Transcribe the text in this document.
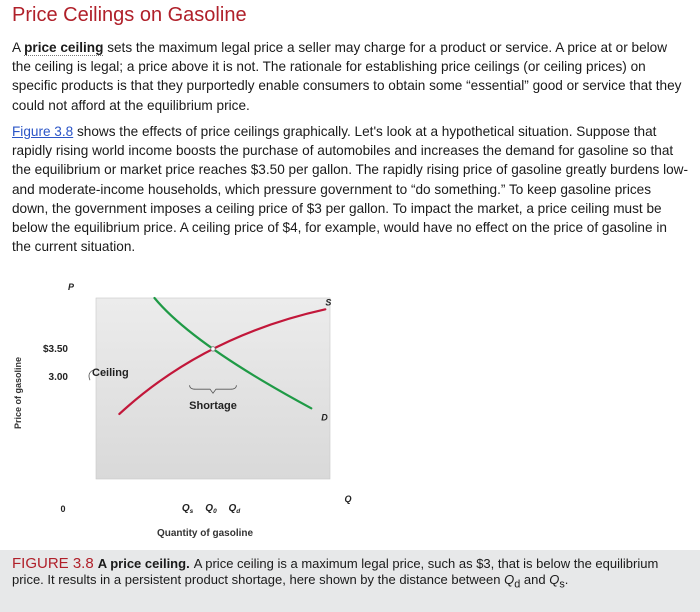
Price Ceilings on Gasoline

A price ceiling sets the maximum legal price a seller may charge for a product or service. A price at or below the ceiling is legal; a price above it is not. The rationale for establishing price ceilings (or ceiling prices) on specific products is that they purportedly enable consumers to obtain some “essential” good or service that they could not afford at the equilibrium price.

Figure 3.8 shows the effects of price ceilings graphically. Let's look at a hypothetical situation. Suppose that rapidly rising world income boosts the purchase of automobiles and increases the demand for gasoline so that the equilibrium or market price reaches $3.50 per gallon. The rapidly rising price of gasoline greatly burdens low- and moderate-income households, which pressure government to “do something.” To keep gasoline prices down, the government imposes a ceiling price of $3 per gallon. To impact the market, a price ceiling must be below the equilibrium price. A ceiling price of $4, for example, would have no effect on the price of gasoline in the current situation.

P
Q
0
Price of gasoline
Quantity of gasoline
$3.50
3.00
$Q_s$ $Q_0$ $Q_d$
S
D
Ceiling
Shortage
FIGURE 3.8 A price ceiling. A price ceiling is a maximum legal price, such as $3, that is below the equilibrium price. It results in a persistent product shortage, here shown by the distance between $Q_d$ and $Q_s$.
